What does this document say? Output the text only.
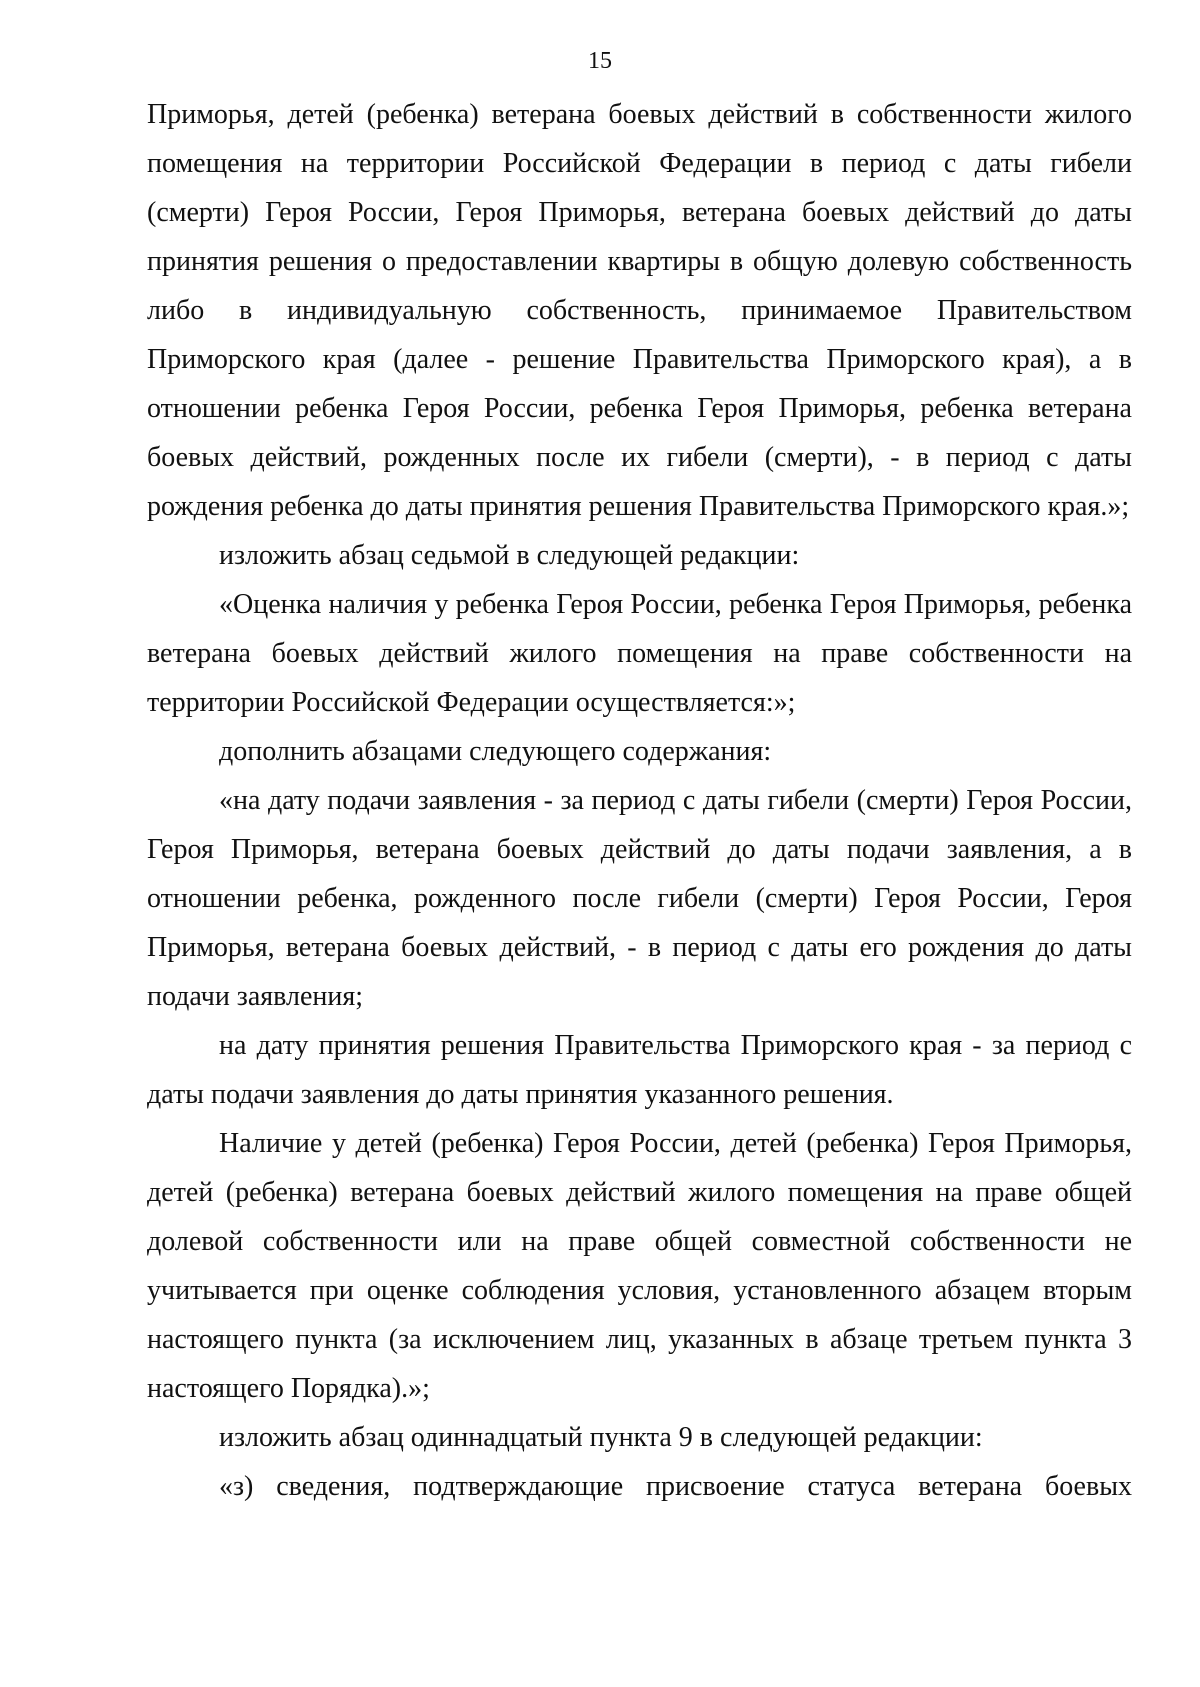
15

Приморья, детей (ребенка) ветерана боевых действий в собственности жилого помещения на территории Российской Федерации в период с даты гибели (смерти) Героя России, Героя Приморья, ветерана боевых действий до даты принятия решения о предоставлении квартиры в общую долевую собственность либо в индивидуальную собственность, принимаемое Правительством Приморского края (далее - решение Правительства Приморского края), а в отношении ребенка Героя России, ребенка Героя Приморья, ребенка ветерана боевых действий, рожденных после их гибели (смерти), - в период с даты рождения ребенка до даты принятия решения Правительства Приморского края.»;

изложить абзац седьмой в следующей редакции:

«Оценка наличия у ребенка Героя России, ребенка Героя Приморья, ребенка ветерана боевых действий жилого помещения на праве собственности на территории Российской Федерации осуществляется:»;

дополнить абзацами следующего содержания:

«на дату подачи заявления - за период с даты гибели (смерти) Героя России, Героя Приморья, ветерана боевых действий до даты подачи заявления, а в отношении ребенка, рожденного после гибели (смерти) Героя России, Героя Приморья, ветерана боевых действий, - в период с даты его рождения до даты подачи заявления;

на дату принятия решения Правительства Приморского края - за период с даты подачи заявления до даты принятия указанного решения.

Наличие у детей (ребенка) Героя России, детей (ребенка) Героя Приморья, детей (ребенка) ветерана боевых действий жилого помещения на праве общей долевой собственности или на праве общей совместной собственности не учитывается при оценке соблюдения условия, установленного абзацем вторым настоящего пункта (за исключением лиц, указанных в абзаце третьем пункта 3 настоящего Порядка).»;

изложить абзац одиннадцатый пункта 9 в следующей редакции:

«з) сведения, подтверждающие присвоение статуса ветерана боевых
